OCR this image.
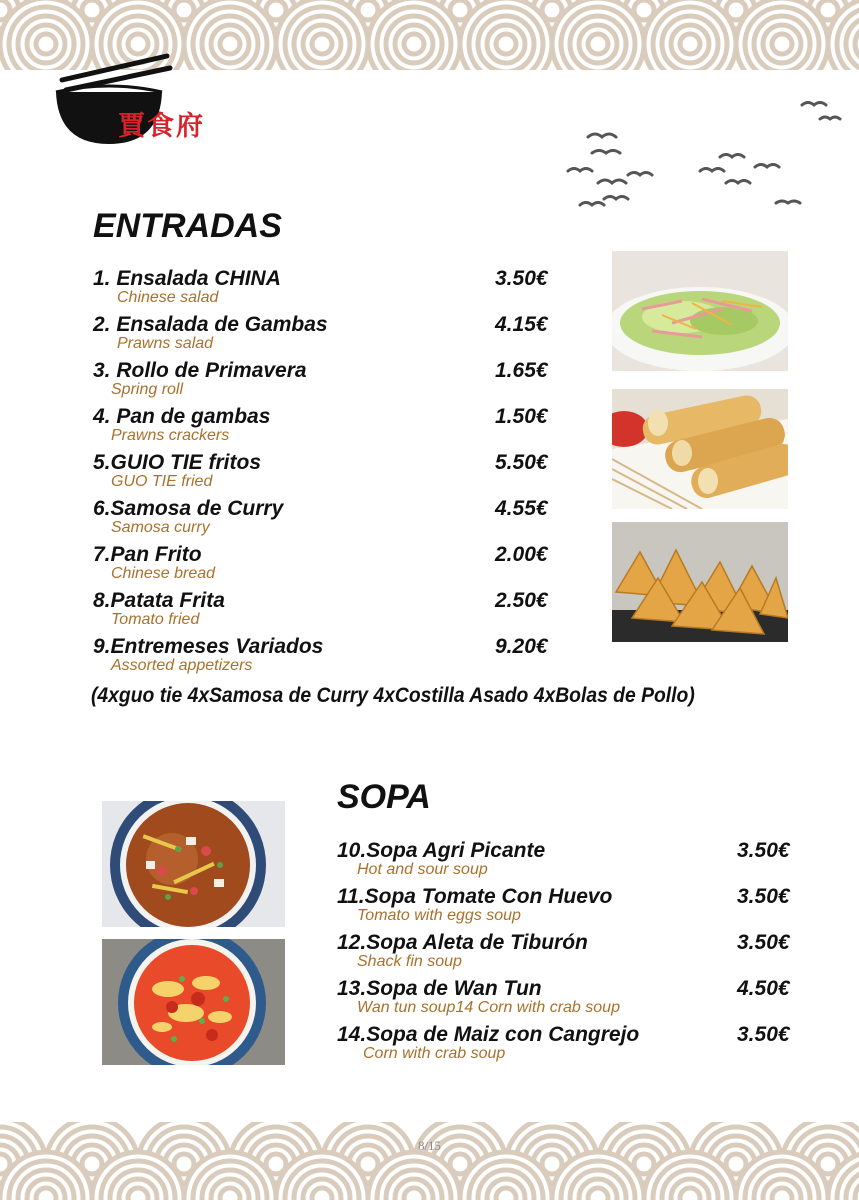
賈食府
ENTRADAS
1. Ensalada CHINA
Chinese salad
3.50€
2. Ensalada de Gambas
Prawns salad
4.15€
3. Rollo de Primavera
Spring roll
1.65€
4. Pan de gambas
Prawns crackers
1.50€
5.GUIO TIE fritos
GUO TIE fried
5.50€
6.Samosa de Curry
Samosa curry
4.55€
7.Pan Frito
Chinese bread
2.00€
8.Patata Frita
Tomato fried
2.50€
9.Entremeses Variados
Assorted appetizers
9.20€
(4xguo tie 4xSamosa de Curry 4xCostilla Asado 4xBolas de Pollo)
SOPA
10.Sopa Agri Picante
Hot and sour soup
3.50€
11.Sopa Tomate Con Huevo
Tomato with eggs soup
3.50€
12.Sopa Aleta de Tiburón
Shack fin soup
3.50€
13.Sopa de Wan Tun
Wan tun soup14 Corn with crab soup
4.50€
14.Sopa de Maiz con Cangrejo
Corn with crab soup
3.50€
8/15
